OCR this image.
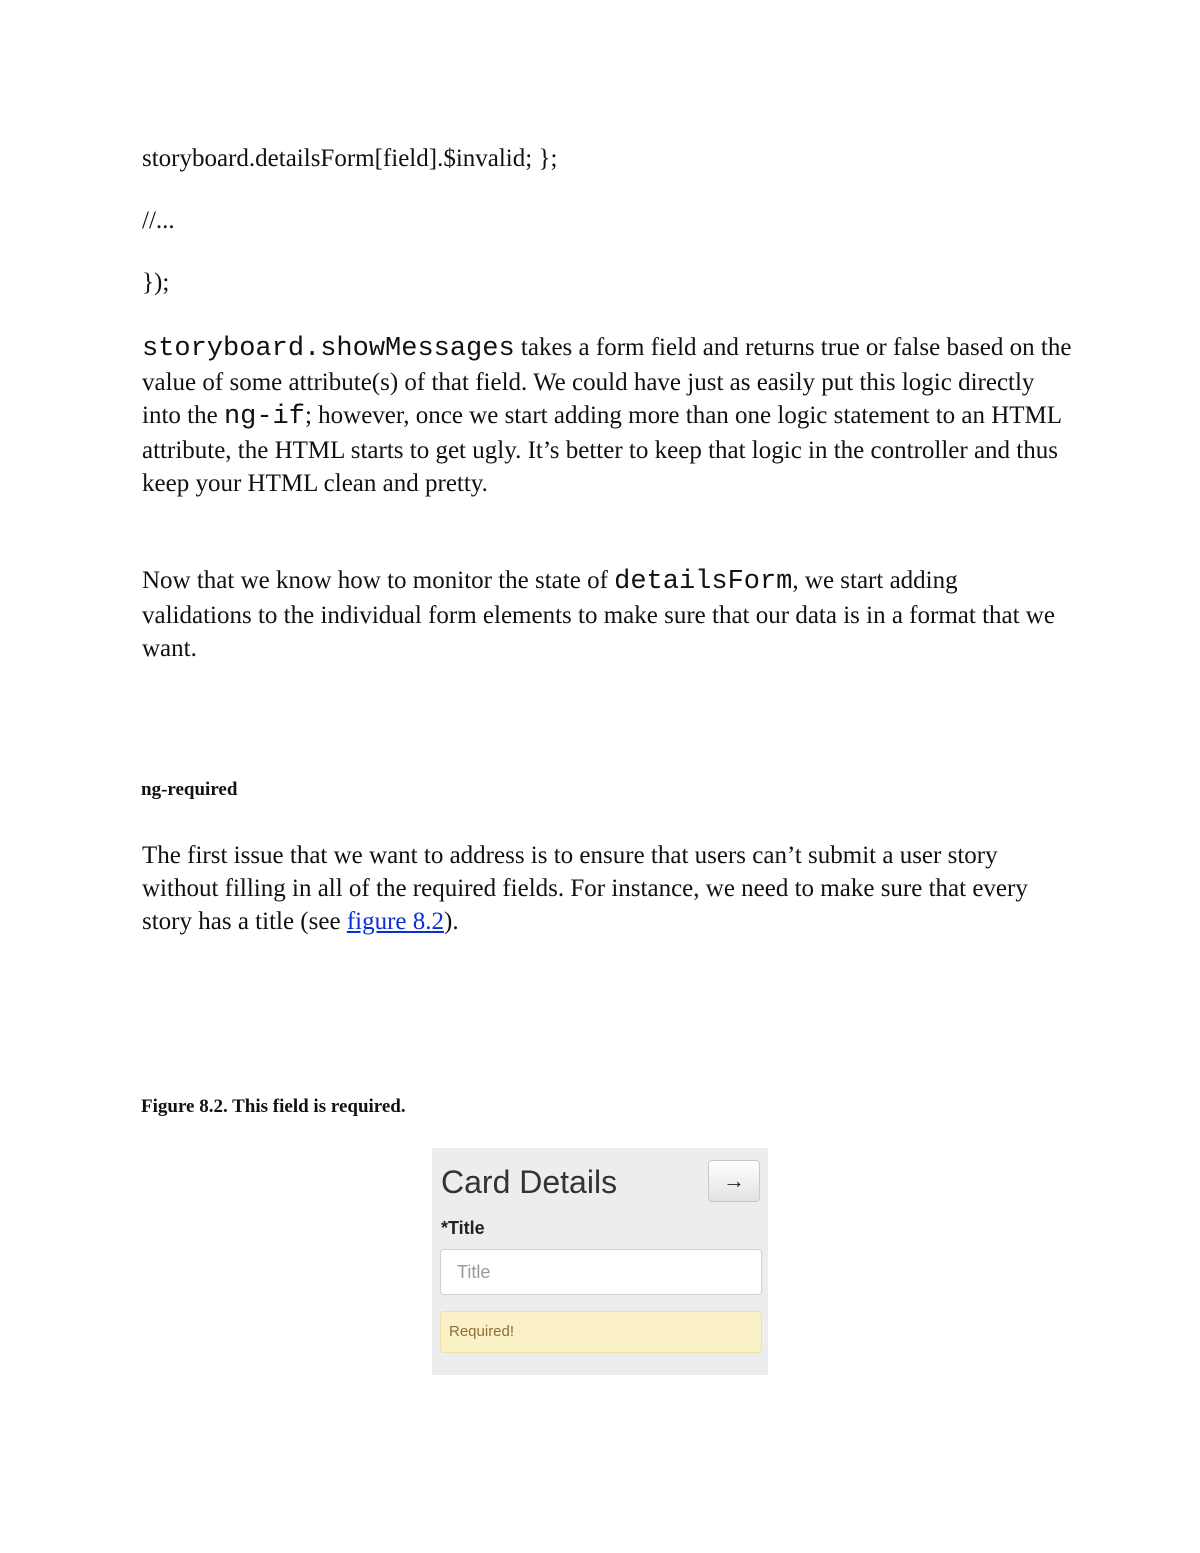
storyboard.detailsForm[field].$invalid; };
//...
});
storyboard.showMessages takes a form field and returns true or false based on the value of some attribute(s) of that field. We could have just as easily put this logic directly into the ng-if; however, once we start adding more than one logic statement to an HTML attribute, the HTML starts to get ugly. It’s better to keep that logic in the controller and thus keep your HTML clean and pretty.
Now that we know how to monitor the state of detailsForm, we start adding validations to the individual form elements to make sure that our data is in a format that we want.
ng-required
The first issue that we want to address is to ensure that users can’t submit a user story without filling in all of the required fields. For instance, we need to make sure that every story has a title (see figure 8.2).
Figure 8.2. This field is required.
Card Details	→
*Title
Title
Required!
